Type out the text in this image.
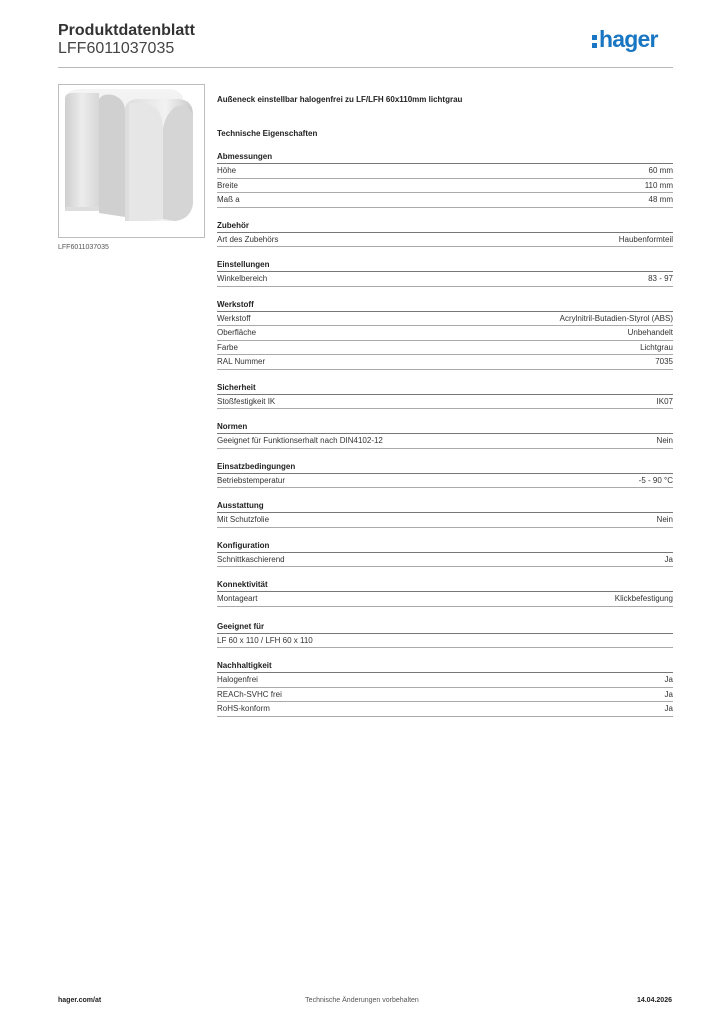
Produktdatenblatt
LFF6011037035	hager
LFF6011037035
Außeneck einstellbar halogenfrei zu LF/LFH 60x110mm lichtgrau
Technische Eigenschaften
Abmessungen
Höhe	60 mm
Breite	110 mm
Maß a	48 mm
Zubehör
Art des Zubehörs	Haubenformteil
Einstellungen
Winkelbereich	83 - 97
Werkstoff
Werkstoff	Acrylnitril-Butadien-Styrol (ABS)
Oberfläche	Unbehandelt
Farbe	Lichtgrau
RAL Nummer	7035
Sicherheit
Stoßfestigkeit IK	IK07
Normen
Geeignet für Funktionserhalt nach DIN4102-12	Nein
Einsatzbedingungen
Betriebstemperatur	-5 - 90 °C
Ausstattung
Mit Schutzfolie	Nein
Konfiguration
Schnittkaschierend	Ja
Konnektivität
Montageart	Klickbefestigung
Geeignet für
LF 60 x 110 / LFH 60 x 110
Nachhaltigkeit
Halogenfrei	Ja
REACh-SVHC frei	Ja
RoHS-konform	Ja
hager.com/at	Technische Änderungen vorbehalten	14.04.2026
